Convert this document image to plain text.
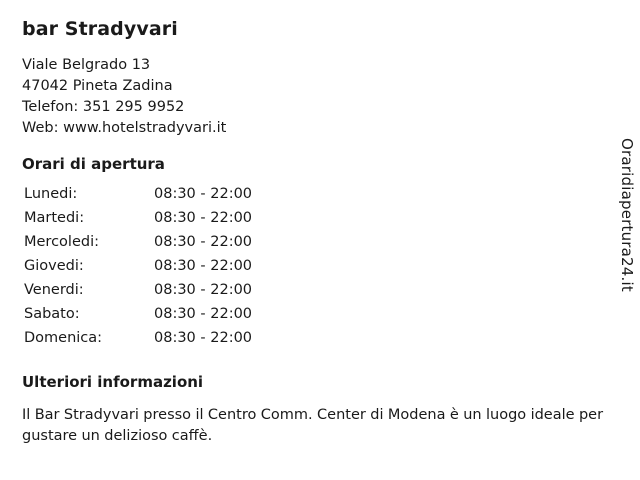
bar Stradyvari
Viale Belgrado 13
47042 Pineta Zadina
Telefon: 351 295 9952
Web: www.hotelstradyvari.it
Orari di apertura
Lunedi:	08:30 - 22:00
Martedi:	08:30 - 22:00
Mercoledi:	08:30 - 22:00
Giovedi:	08:30 - 22:00
Venerdi:	08:30 - 22:00
Sabato:	08:30 - 22:00
Domenica:	08:30 - 22:00
Ulteriori informazioni

Il Bar Stradyvari presso il Centro Comm. Center di Modena è un luogo ideale per gustare un delizioso caffè.

Oraridiapertura24.it
